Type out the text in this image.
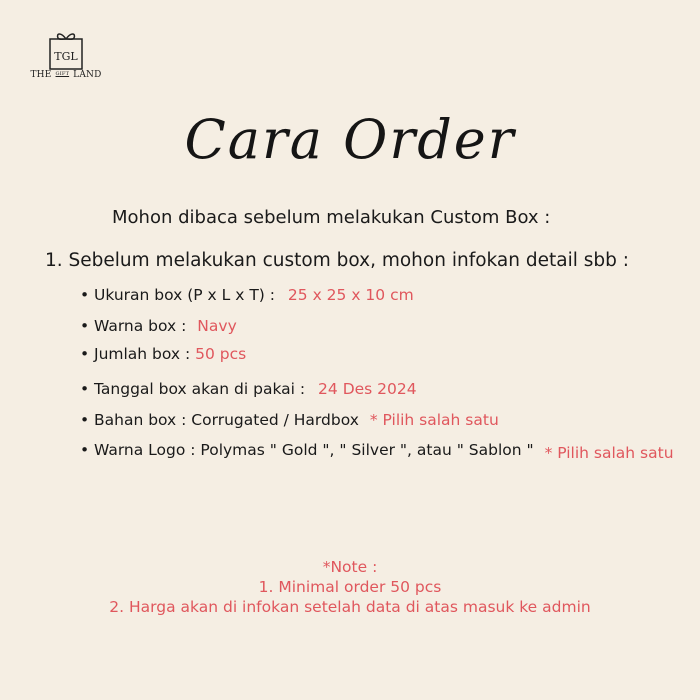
TGL
THE $^{GIFT}$ LAND
Cara Order
Mohon dibaca sebelum melakukan Custom Box :
1. Sebelum melakukan custom box, mohon infokan detail sbb :
• Ukuran box (P x L x T) : 25 x 25 x 10 cm
• Warna box : Navy
• Jumlah box : 50 pcs
• Tanggal box akan di pakai : 24 Des 2024
• Bahan box : Corrugated / Hardbox * Pilih salah satu
• Warna Logo : Polymas " Gold ", " Silver ", atau " Sablon " * Pilih salah satu
*Note :
1. Minimal order 50 pcs
2. Harga akan di infokan setelah data di atas masuk ke admin
